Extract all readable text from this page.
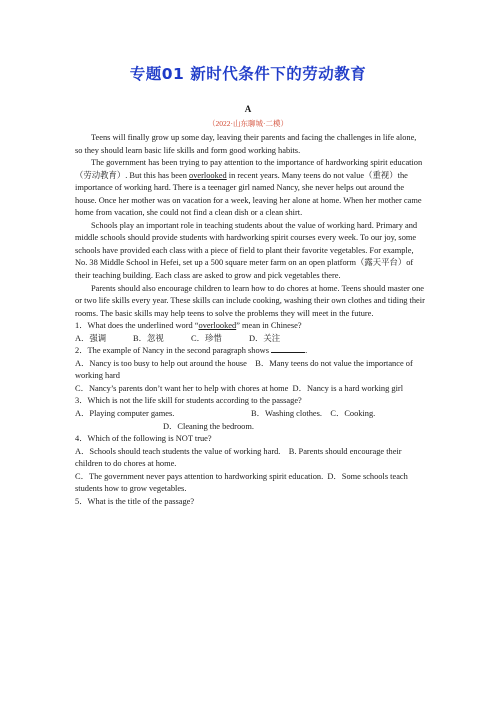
专题01 新时代条件下的劳动教育
A
（2022·山东聊城·二模）

Teens will finally grow up some day, leaving their parents and facing the challenges in life alone, so they should learn basic life skills and form good working habits.

The government has been trying to pay attention to the importance of hardworking spirit education（劳动教育）. But this has been overlooked in recent years. Many teens do not value（重视）the importance of working hard. There is a teenager girl named Nancy, she never helps out around the house. Once her mother was on vacation for a week, leaving her alone at home. When her mother came home from vacation, she could not find a clean dish or a clean shirt.

Schools play an important role in teaching students about the value of working hard. Primary and middle schools should provide students with hardworking spirit courses every week. To our joy, some schools have provided each class with a piece of field to plant their favorite vegetables. For example, No. 38 Middle School in Hefei, set up a 500 square meter farm on an open platform（露天平台）of their teaching building. Each class are asked to grow and pick vegetables there.

Parents should also encourage children to learn how to do chores at home. Teens should master one or two life skills every year. These skills can include cooking, washing their own clothes and tiding their rooms. The basic skills may help teens to solve the problems they will meet in the future.

1．What does the underlined word “overlooked” mean in Chinese?

A．强调	B．忽视	C．珍惜	D．关注

2．The example of Nancy in the second paragraph shows	.

A．Nancy is too busy to help out around the house B．Many teens do not value the importance of working hard

C．Nancy’s parents don’t want her to help with chores at home D．Nancy is a hard working girl

3．Which is not the life skill for students according to the passage?

A．Playing computer games.	B．Washing clothes. C．Cooking.

D．Cleaning the bedroom.

4．Which of the following is NOT true?

A．Schools should teach students the value of working hard. B. Parents should encourage their children to do chores at home.

C．The government never pays attention to hardworking spirit education. D．Some schools teach students how to grow vegetables.

5．What is the title of the passage?
